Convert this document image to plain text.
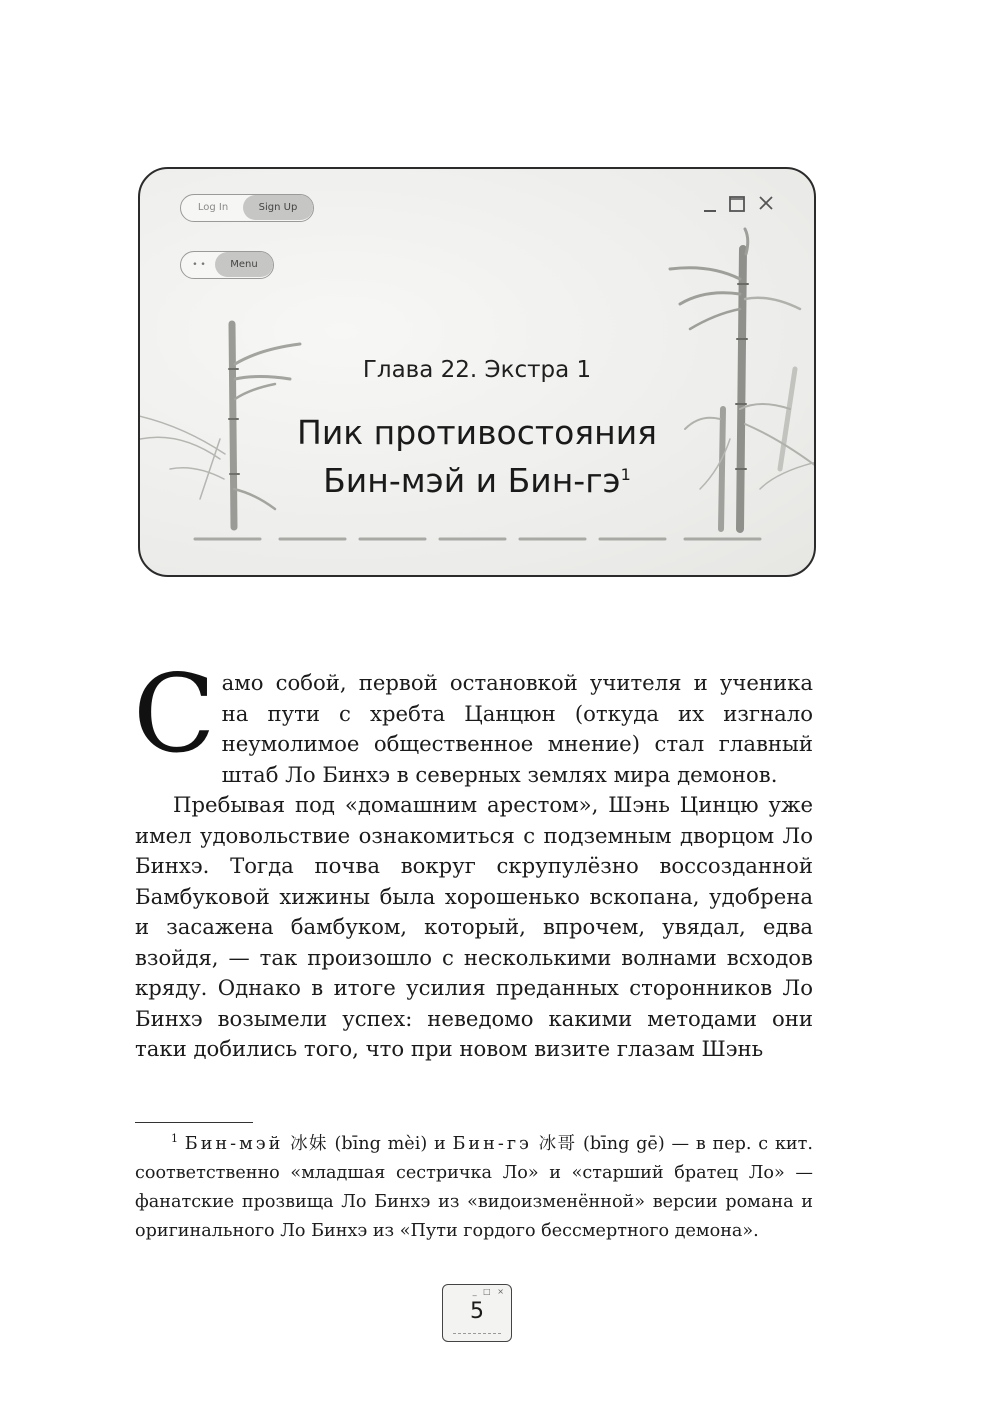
Log In	Sign Up
• •	Menu
Глава 22. Экстра 1
Пик противостояния
Бин-мэй и Бин-$гэ^1$

Само собой, первой остановкой учителя и ученика на пути с хребта Цанцюн (откуда их изгнало неумолимое общественное мнение) стал главный штаб Ло Бинхэ в северных землях мира демонов.

Пребывая под «домашним арестом», Шэнь Цинцю уже имел удовольствие ознакомиться с подземным дворцом Ло Бинхэ. Тогда почва вокруг скрупулёзно воссозданной Бамбуковой хижины была хорошенько вскопана, удобрена и засажена бамбуком, который, впрочем, увядал, едва взойдя, — так произошло с несколькими волнами всходов кряду. Однако в итоге усилия преданных сторонников Ло Бинхэ возымели успех: неведомо какими методами они таки добились того, что при новом визите глазам Шэнь

$^1$ Бин-мэй 冰妹 (bīng mèi) и Бин-гэ 冰哥 (bīng gē) — в пер. с кит. соответственно «младшая сестричка Ло» и «старший братец Ло» — фанатские прозвища Ло Бинхэ из «видоизменённой» версии романа и оригинального Ло Бинхэ из «Пути гордого бессмертного демона».
_ □ ×
5
